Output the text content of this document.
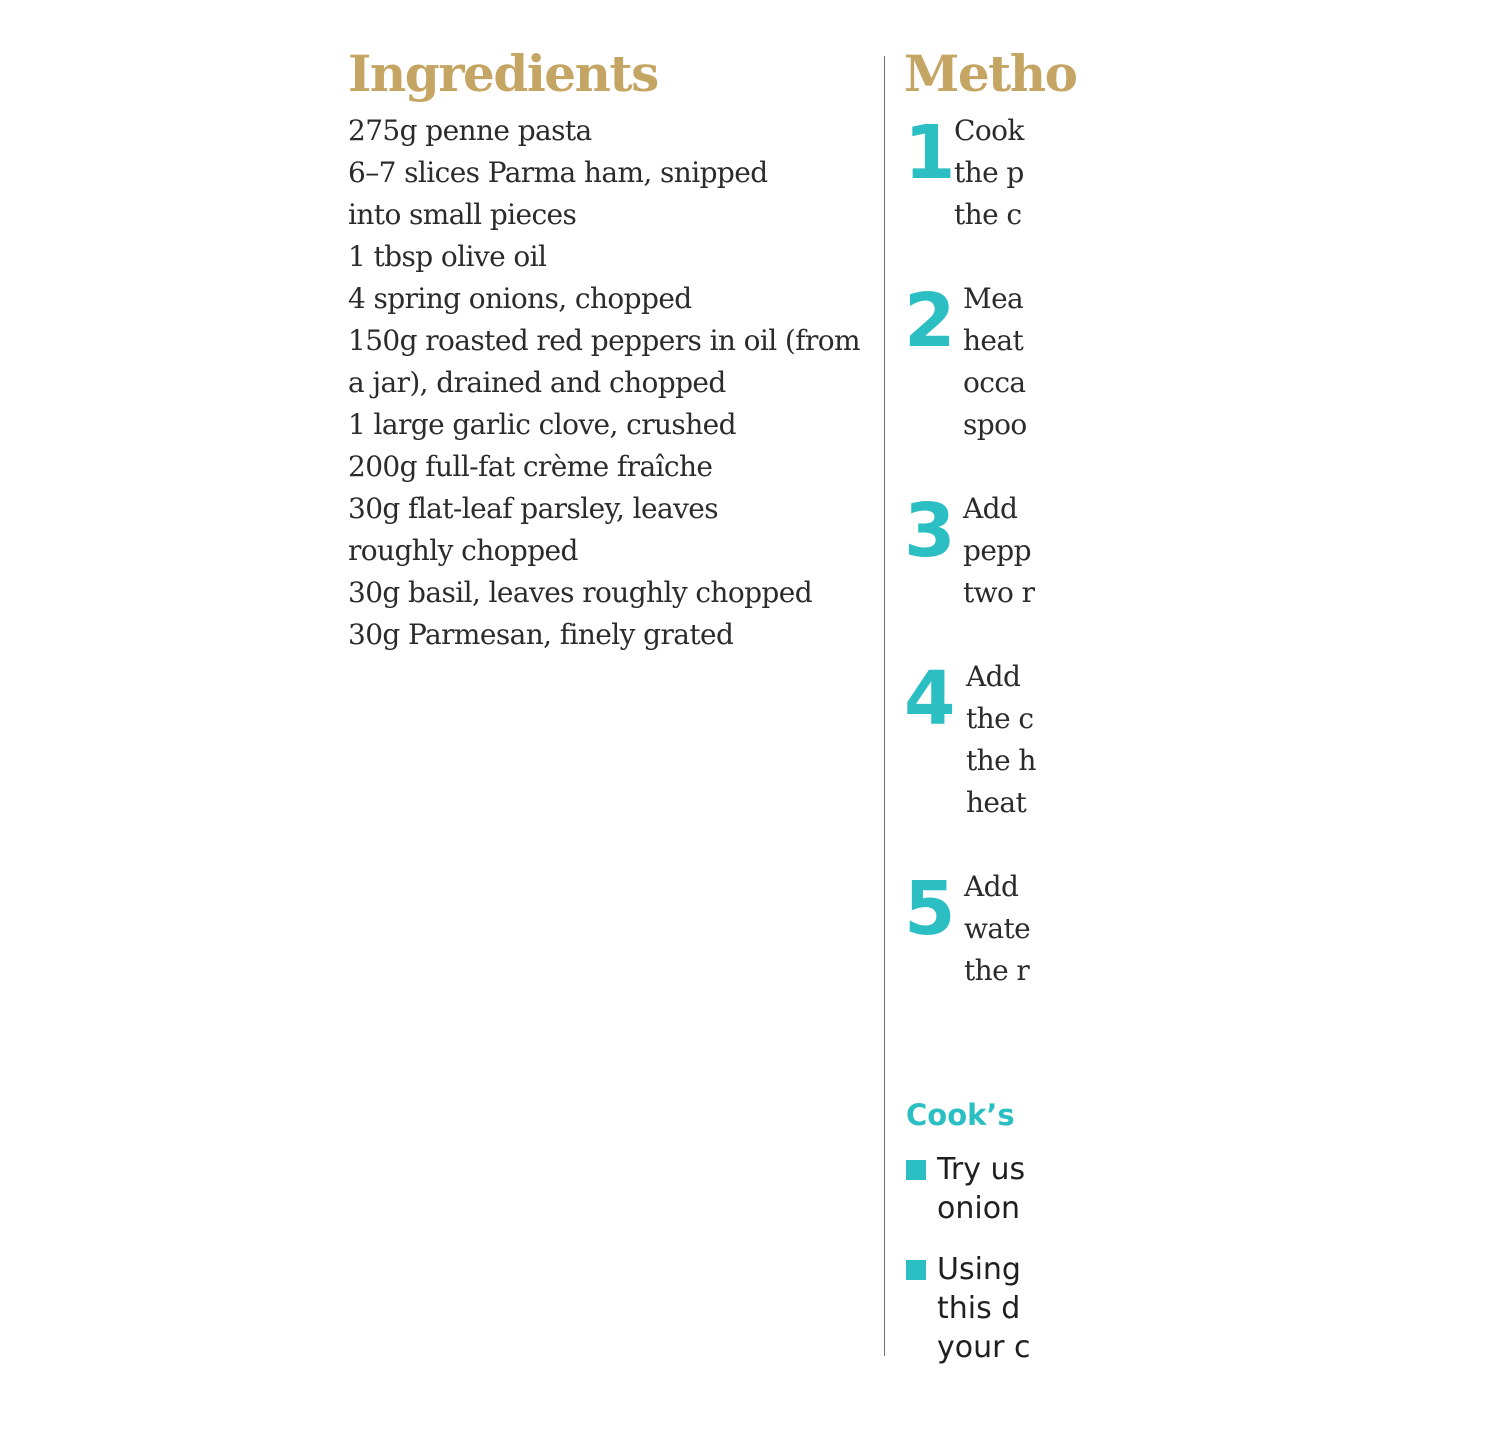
Ingredients
275g penne pasta
6–7 slices Parma ham, snipped
into small pieces
1 tbsp olive oil
4 spring onions, chopped
150g roasted red peppers in oil (from
a jar), drained and chopped
1 large garlic clove, crushed
200g full-fat crème fraîche
30g flat-leaf parsley, leaves
roughly chopped
30g basil, leaves roughly chopped
30g Parmesan, finely grated
Metho
1
Cook
the p
the c
2 Mea
heat
occa
spoo
3 Add
pepp
two r
4 Add
the c
the h
heat
5 Add
wate
the r
Cook’s
Try us
onion
Using
this d
your c
